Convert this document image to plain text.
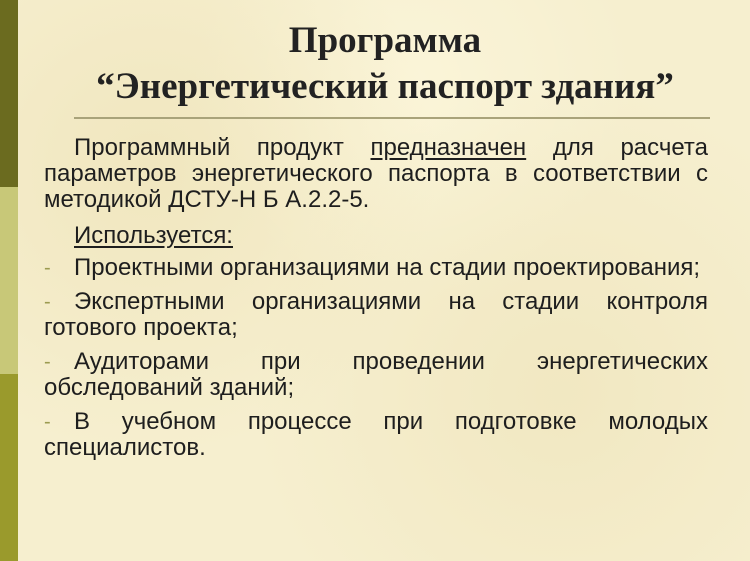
Программа
“Энергетический паспорт здания”

Программный продукт предназначен для расчета параметров энергетического паспорта в соответствии с методикой ДСТУ-Н Б А.2.2-5.

Используется:
- Проектными организациями на стадии проектирования;
- Экспертными организациями на стадии контроля готового проекта;
- Аудиторами при проведении энергетических обследований зданий;
- В учебном процессе при подготовке молодых специалистов.
